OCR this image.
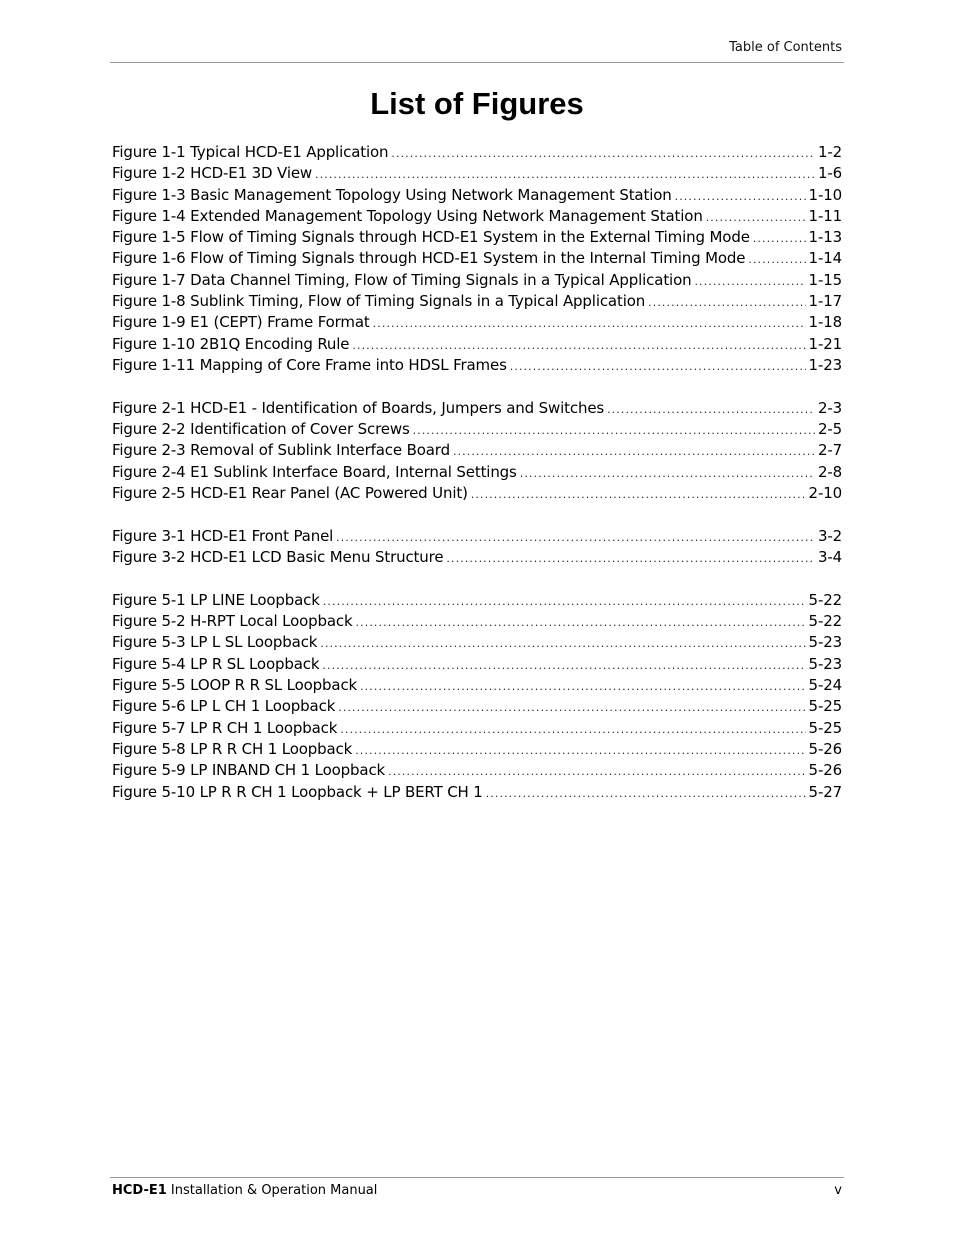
Table of Contents
List of Figures
Figure 1-1 Typical HCD-E1 Application .....	1-2
Figure 1-2 HCD-E1 3D View .....	1-6
Figure 1-3 Basic Management Topology Using Network Management Station .....	1-10
Figure 1-4 Extended Management Topology Using Network Management Station .....	1-11
Figure 1-5 Flow of Timing Signals through HCD-E1 System in the External Timing Mode .....	1-13
Figure 1-6 Flow of Timing Signals through HCD-E1 System in the Internal Timing Mode .....	1-14
Figure 1-7 Data Channel Timing, Flow of Timing Signals in a Typical Application .....	1-15
Figure 1-8 Sublink Timing, Flow of Timing Signals in a Typical Application .....	1-17
Figure 1-9 E1 (CEPT) Frame Format .....	1-18
Figure 1-10 2B1Q Encoding Rule .....	1-21
Figure 1-11 Mapping of Core Frame into HDSL Frames .....	1-23
Figure 2-1 HCD-E1 - Identification of Boards, Jumpers and Switches .....	2-3
Figure 2-2 Identification of Cover Screws .....	2-5
Figure 2-3 Removal of Sublink Interface Board .....	2-7
Figure 2-4 E1 Sublink Interface Board, Internal Settings .....	2-8
Figure 2-5 HCD-E1 Rear Panel (AC Powered Unit) .....	2-10
Figure 3-1 HCD-E1 Front Panel .....	3-2
Figure 3-2 HCD-E1 LCD Basic Menu Structure .....	3-4
Figure 5-1 LP LINE Loopback .....	5-22
Figure 5-2 H-RPT Local Loopback .....	5-22
Figure 5-3 LP L SL Loopback .....	5-23
Figure 5-4 LP R SL Loopback .....	5-23
Figure 5-5 LOOP R R SL Loopback .....	5-24
Figure 5-6 LP L CH 1 Loopback .....	5-25
Figure 5-7 LP R CH 1 Loopback .....	5-25
Figure 5-8 LP R R CH 1 Loopback .....	5-26
Figure 5-9 LP INBAND CH 1 Loopback .....	5-26
Figure 5-10 LP R R CH 1 Loopback + LP BERT CH 1 .....	5-27
HCD-E1 Installation & Operation Manual	v
